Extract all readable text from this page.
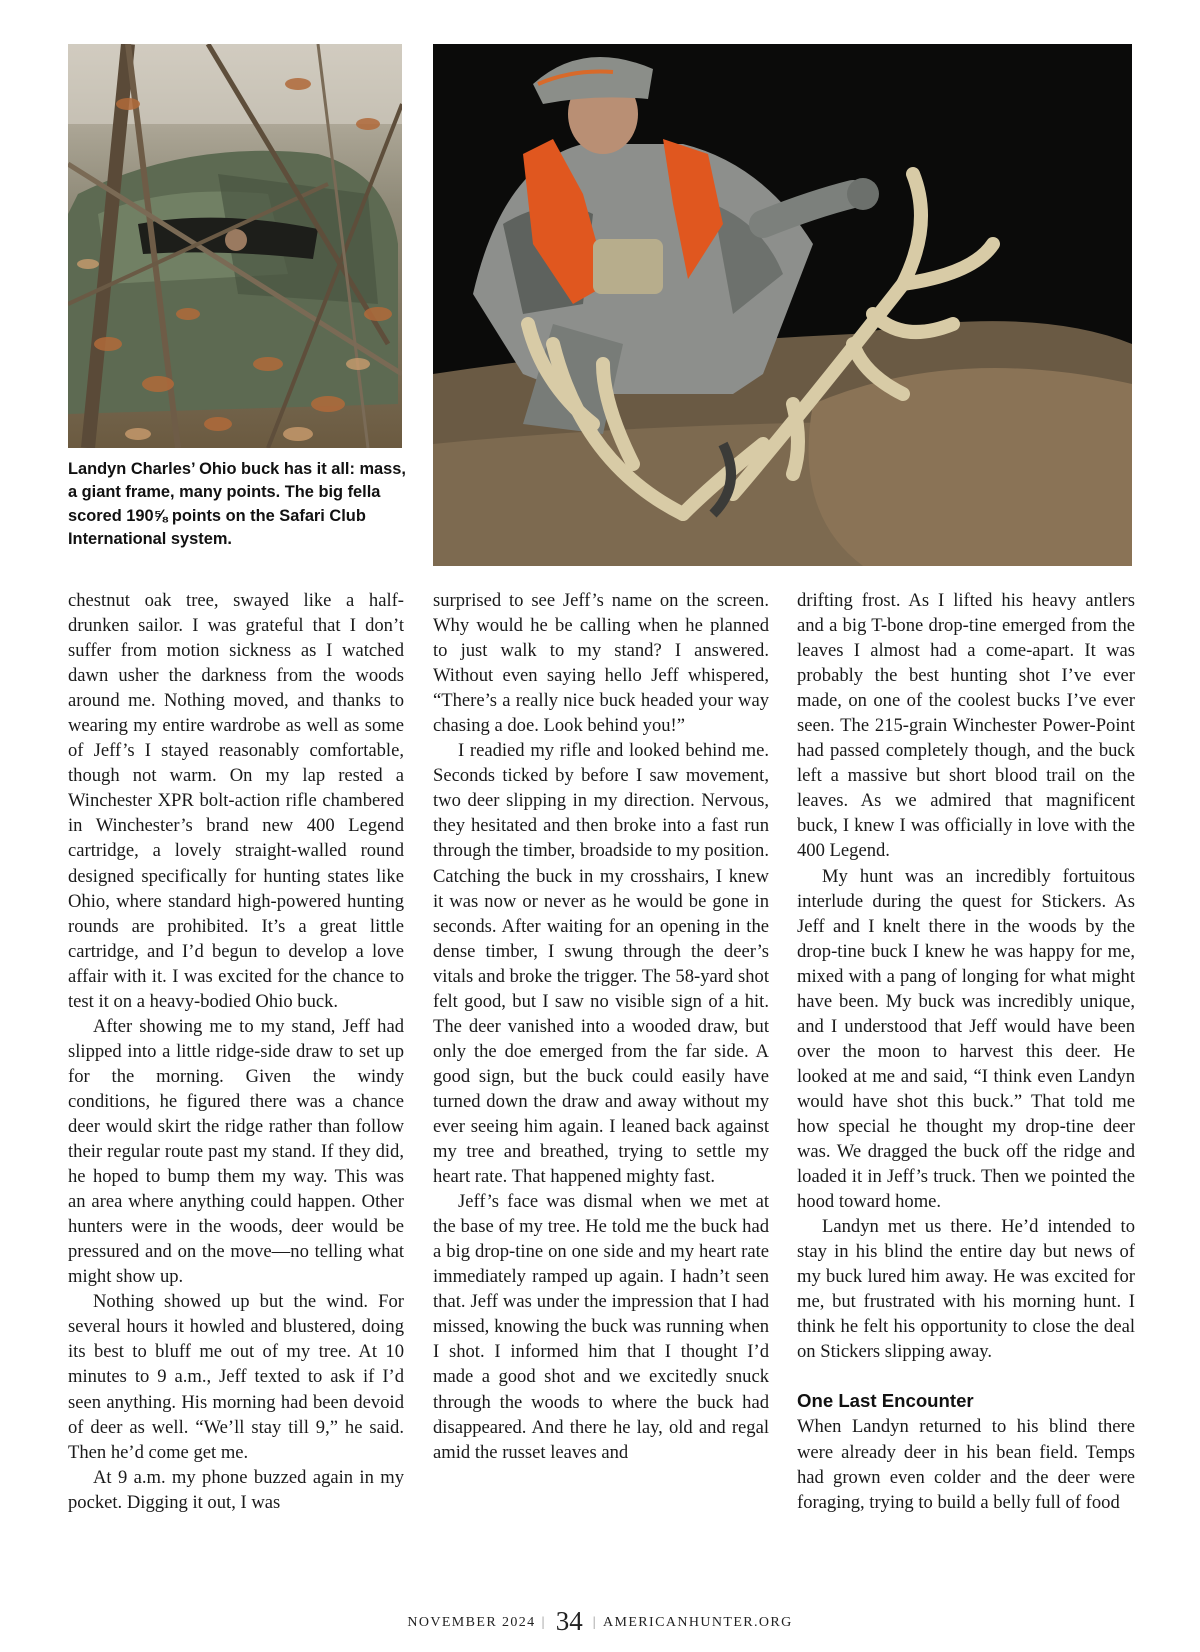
Landyn Charles’ Ohio buck has it all: mass, a giant frame, many points. The big fella scored 190⅝ points on the Safari Club International system.

chestnut oak tree, swayed like a half-drunken sailor. I was grateful that I don’t suffer from motion sickness as I watched dawn usher the darkness from the woods around me. Nothing moved, and thanks to wearing my entire wardrobe as well as some of Jeff’s I stayed reasonably comfortable, though not warm. On my lap rested a Winchester XPR bolt-action rifle chambered in Winchester’s brand new 400 Legend cartridge, a lovely straight-walled round designed specifically for hunting states like Ohio, where standard high-powered hunting rounds are prohibited. It’s a great little cartridge, and I’d begun to develop a love affair with it. I was excited for the chance to test it on a heavy-bodied Ohio buck.

After showing me to my stand, Jeff had slipped into a little ridge-side draw to set up for the morning. Given the windy conditions, he figured there was a chance deer would skirt the ridge rather than follow their regular route past my stand. If they did, he hoped to bump them my way. This was an area where anything could happen. Other hunters were in the woods, deer would be pressured and on the move—no telling what might show up.

Nothing showed up but the wind. For several hours it howled and blustered, doing its best to bluff me out of my tree. At 10 minutes to 9 a.m., Jeff texted to ask if I’d seen anything. His morning had been devoid of deer as well. “We’ll stay till 9,” he said. Then he’d come get me.

At 9 a.m. my phone buzzed again in my pocket. Digging it out, I was

surprised to see Jeff’s name on the screen. Why would he be calling when he planned to just walk to my stand? I answered. Without even saying hello Jeff whispered, “There’s a really nice buck headed your way chasing a doe. Look behind you!”

I readied my rifle and looked behind me. Seconds ticked by before I saw movement, two deer slipping in my direction. Nervous, they hesitated and then broke into a fast run through the timber, broadside to my position. Catching the buck in my crosshairs, I knew it was now or never as he would be gone in seconds. After waiting for an opening in the dense timber, I swung through the deer’s vitals and broke the trigger. The 58-yard shot felt good, but I saw no visible sign of a hit. The deer vanished into a wooded draw, but only the doe emerged from the far side. A good sign, but the buck could easily have turned down the draw and away without my ever seeing him again. I leaned back against my tree and breathed, trying to settle my heart rate. That happened mighty fast.

Jeff’s face was dismal when we met at the base of my tree. He told me the buck had a big drop-tine on one side and my heart rate immediately ramped up again. I hadn’t seen that. Jeff was under the impression that I had missed, knowing the buck was running when I shot. I informed him that I thought I’d made a good shot and we excitedly snuck through the woods to where the buck had disappeared. And there he lay, old and regal amid the russet leaves and

drifting frost. As I lifted his heavy antlers and a big T-bone drop-tine emerged from the leaves I almost had a come-apart. It was probably the best hunting shot I’ve ever made, on one of the coolest bucks I’ve ever seen. The 215-grain Winchester Power-Point had passed completely though, and the buck left a massive but short blood trail on the leaves. As we admired that magnificent buck, I knew I was officially in love with the 400 Legend.

My hunt was an incredibly fortuitous interlude during the quest for Stickers. As Jeff and I knelt there in the woods by the drop-tine buck I knew he was happy for me, mixed with a pang of longing for what might have been. My buck was incredibly unique, and I understood that Jeff would have been over the moon to harvest this deer. He looked at me and said, “I think even Landyn would have shot this buck.” That told me how special he thought my drop-tine deer was. We dragged the buck off the ridge and loaded it in Jeff’s truck. Then we pointed the hood toward home.

Landyn met us there. He’d intended to stay in his blind the entire day but news of my buck lured him away. He was excited for me, but frustrated with his morning hunt. I think he felt his opportunity to close the deal on Stickers slipping away.

One Last Encounter

When Landyn returned to his blind there were already deer in his bean field. Temps had grown even colder and the deer were foraging, trying to build a belly full of food

NOVEMBER 2024 | 34 | AMERICANHUNTER.ORG
